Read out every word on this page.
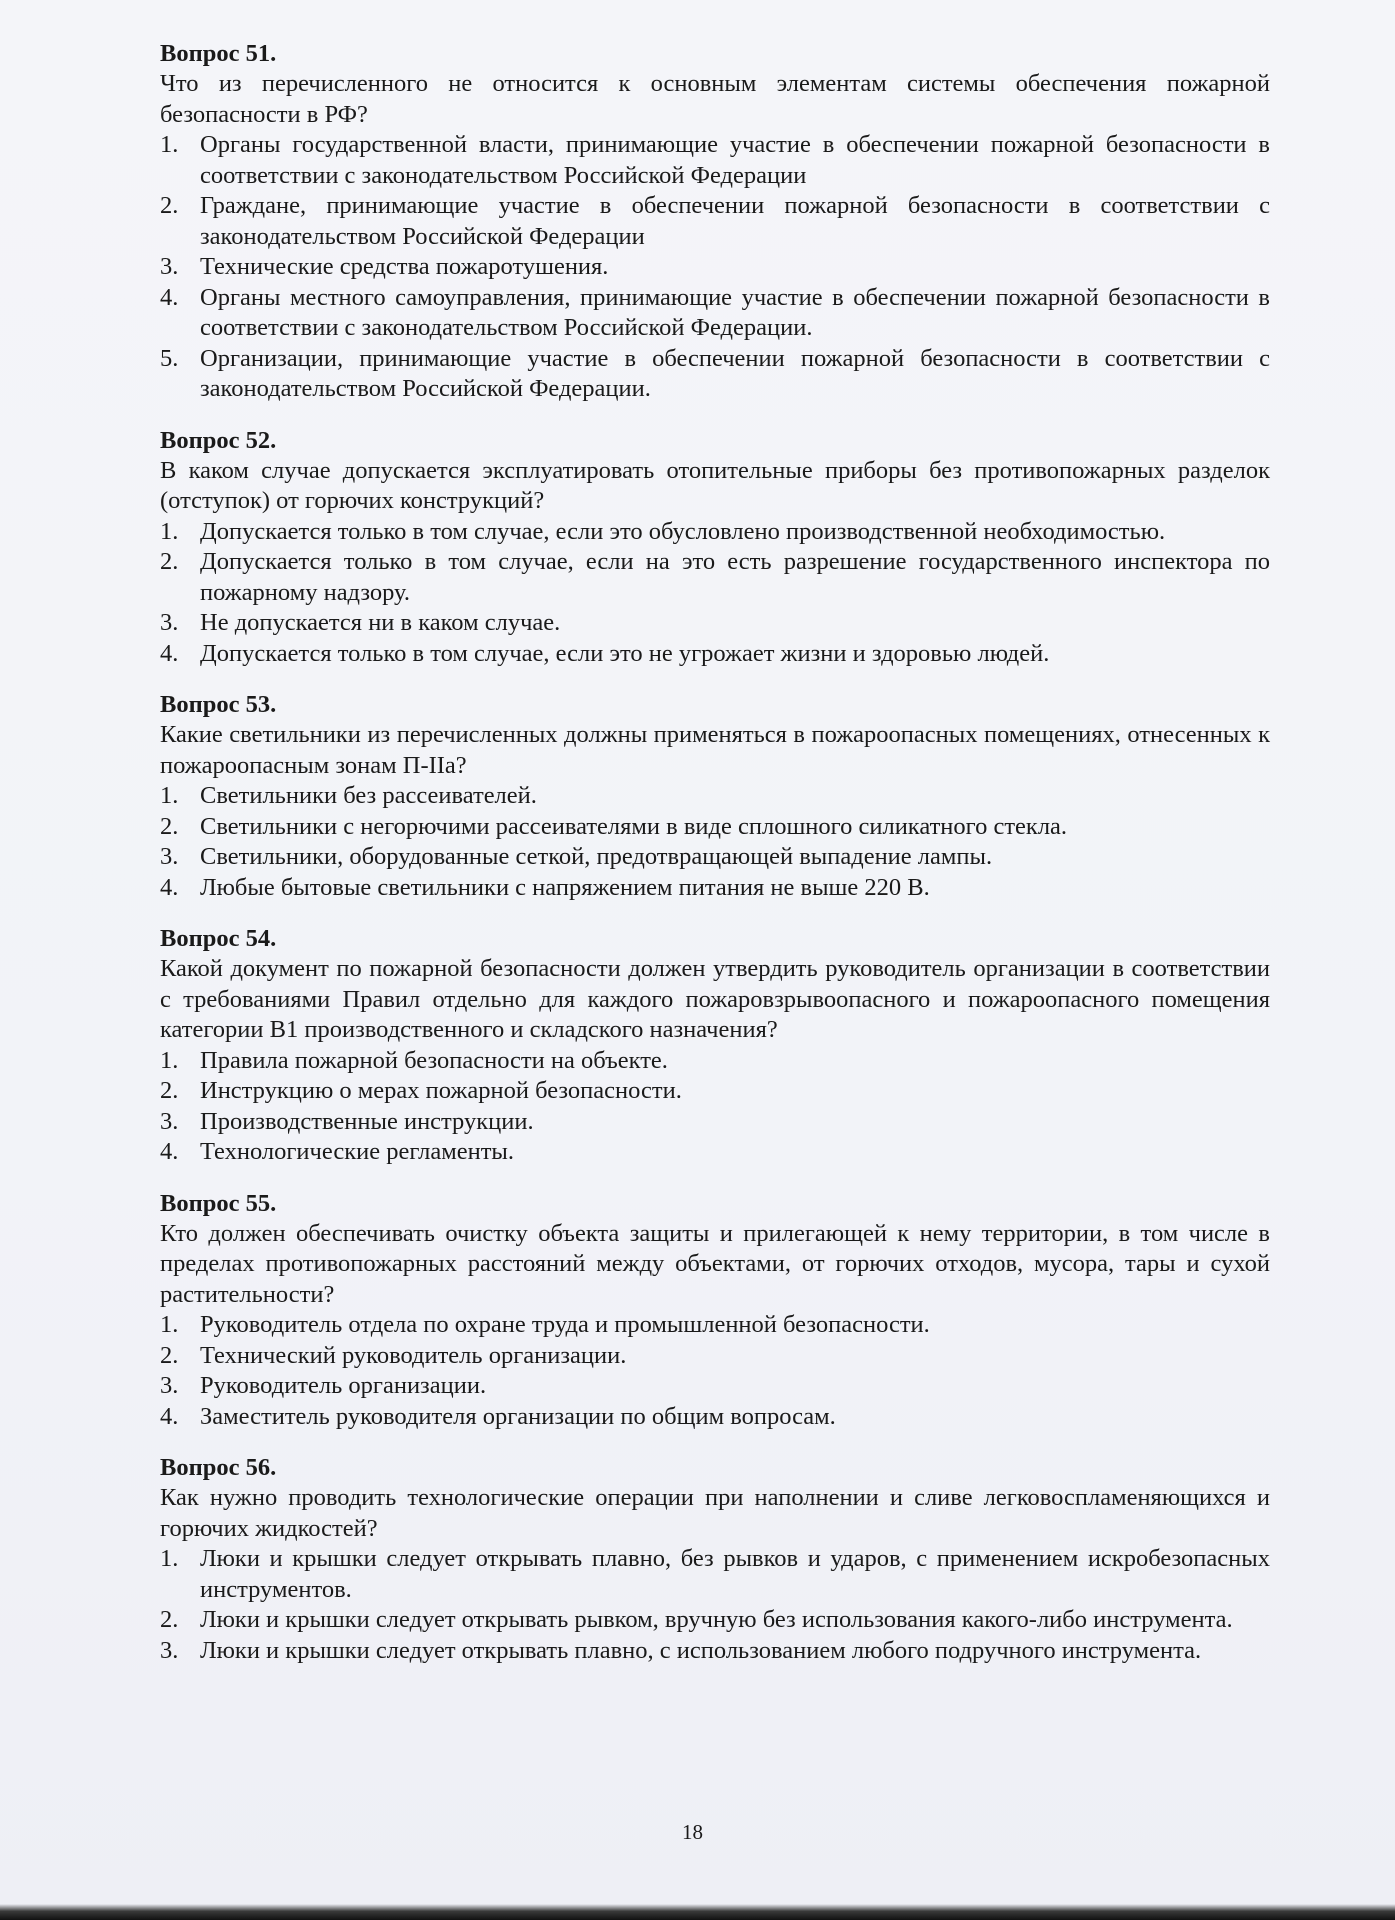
Вопрос 51.
Что из перечисленного не относится к основным элементам системы обеспечения пожарной безопасности в РФ?
1. Органы государственной власти, принимающие участие в обеспечении пожарной безопасности в соответствии с законодательством Российской Федерации
2. Граждане, принимающие участие в обеспечении пожарной безопасности в соответствии с законодательством Российской Федерации
3. Технические средства пожаротушения.
4. Органы местного самоуправления, принимающие участие в обеспечении пожарной безопасности в соответствии с законодательством Российской Федерации.
5. Организации, принимающие участие в обеспечении пожарной безопасности в соответствии с законодательством Российской Федерации.
Вопрос 52.
В каком случае допускается эксплуатировать отопительные приборы без противопожарных разделок (отступок) от горючих конструкций?
1. Допускается только в том случае, если это обусловлено производственной необходимостью.
2. Допускается только в том случае, если на это есть разрешение государственного инспектора по пожарному надзору.
3. Не допускается ни в каком случае.
4. Допускается только в том случае, если это не угрожает жизни и здоровью людей.
Вопрос 53.
Какие светильники из перечисленных должны применяться в пожароопасных помещениях, отнесенных к пожароопасным зонам П-IIа?
1. Светильники без рассеивателей.
2. Светильники с негорючими рассеивателями в виде сплошного силикатного стекла.
3. Светильники, оборудованные сеткой, предотвращающей выпадение лампы.
4. Любые бытовые светильники с напряжением питания не выше 220 В.
Вопрос 54.
Какой документ по пожарной безопасности должен утвердить руководитель организации в соответствии с требованиями Правил отдельно для каждого пожаровзрывоопасного и пожароопасного помещения категории В1 производственного и складского назначения?
1. Правила пожарной безопасности на объекте.
2. Инструкцию о мерах пожарной безопасности.
3. Производственные инструкции.
4. Технологические регламенты.
Вопрос 55.
Кто должен обеспечивать очистку объекта защиты и прилегающей к нему территории, в том числе в пределах противопожарных расстояний между объектами, от горючих отходов, мусора, тары и сухой растительности?
1. Руководитель отдела по охране труда и промышленной безопасности.
2. Технический руководитель организации.
3. Руководитель организации.
4. Заместитель руководителя организации по общим вопросам.
Вопрос 56.
Как нужно проводить технологические операции при наполнении и сливе легковоспламеняющихся и горючих жидкостей?
1. Люки и крышки следует открывать плавно, без рывков и ударов, с применением искробезопасных инструментов.
2. Люки и крышки следует открывать рывком, вручную без использования какого-либо инструмента.
3. Люки и крышки следует открывать плавно, с использованием любого подручного инструмента.
18
